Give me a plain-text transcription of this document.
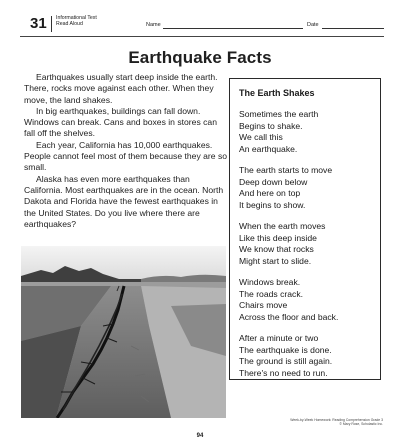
31 Informational Text
Read Aloud	Name	Date
Earthquake Facts

Earthquakes usually start deep inside the earth. There, rocks move against each other. When they move, the land shakes.

In big earthquakes, buildings can fall down. Windows can break. Cans and boxes in stores can fall off the shelves.

Each year, California has 10,000 earthquakes. People cannot feel most of them because they are so small.

Alaska has even more earthquakes than California. Most earthquakes are in the ocean. North Dakota and Florida have the fewest earthquakes in the United States. Do you live where there are earthquakes?

The Earth Shakes
Sometimes the earth
Begins to shake.
We call this
An earthquake.
The earth starts to move
Deep down below
And here on top
It begins to show.
When the earth moves
Like this deep inside
We know that rocks
Might start to slide.
Windows break.
The roads crack.
Chairs move
Across the floor and back.
After a minute or two
The earthquake is done.
The ground is still again.
There's no need to run.
Week-by-Week Homework: Reading Comprehension Grade 3
© Mary Rose, Scholastic Inc.
94
